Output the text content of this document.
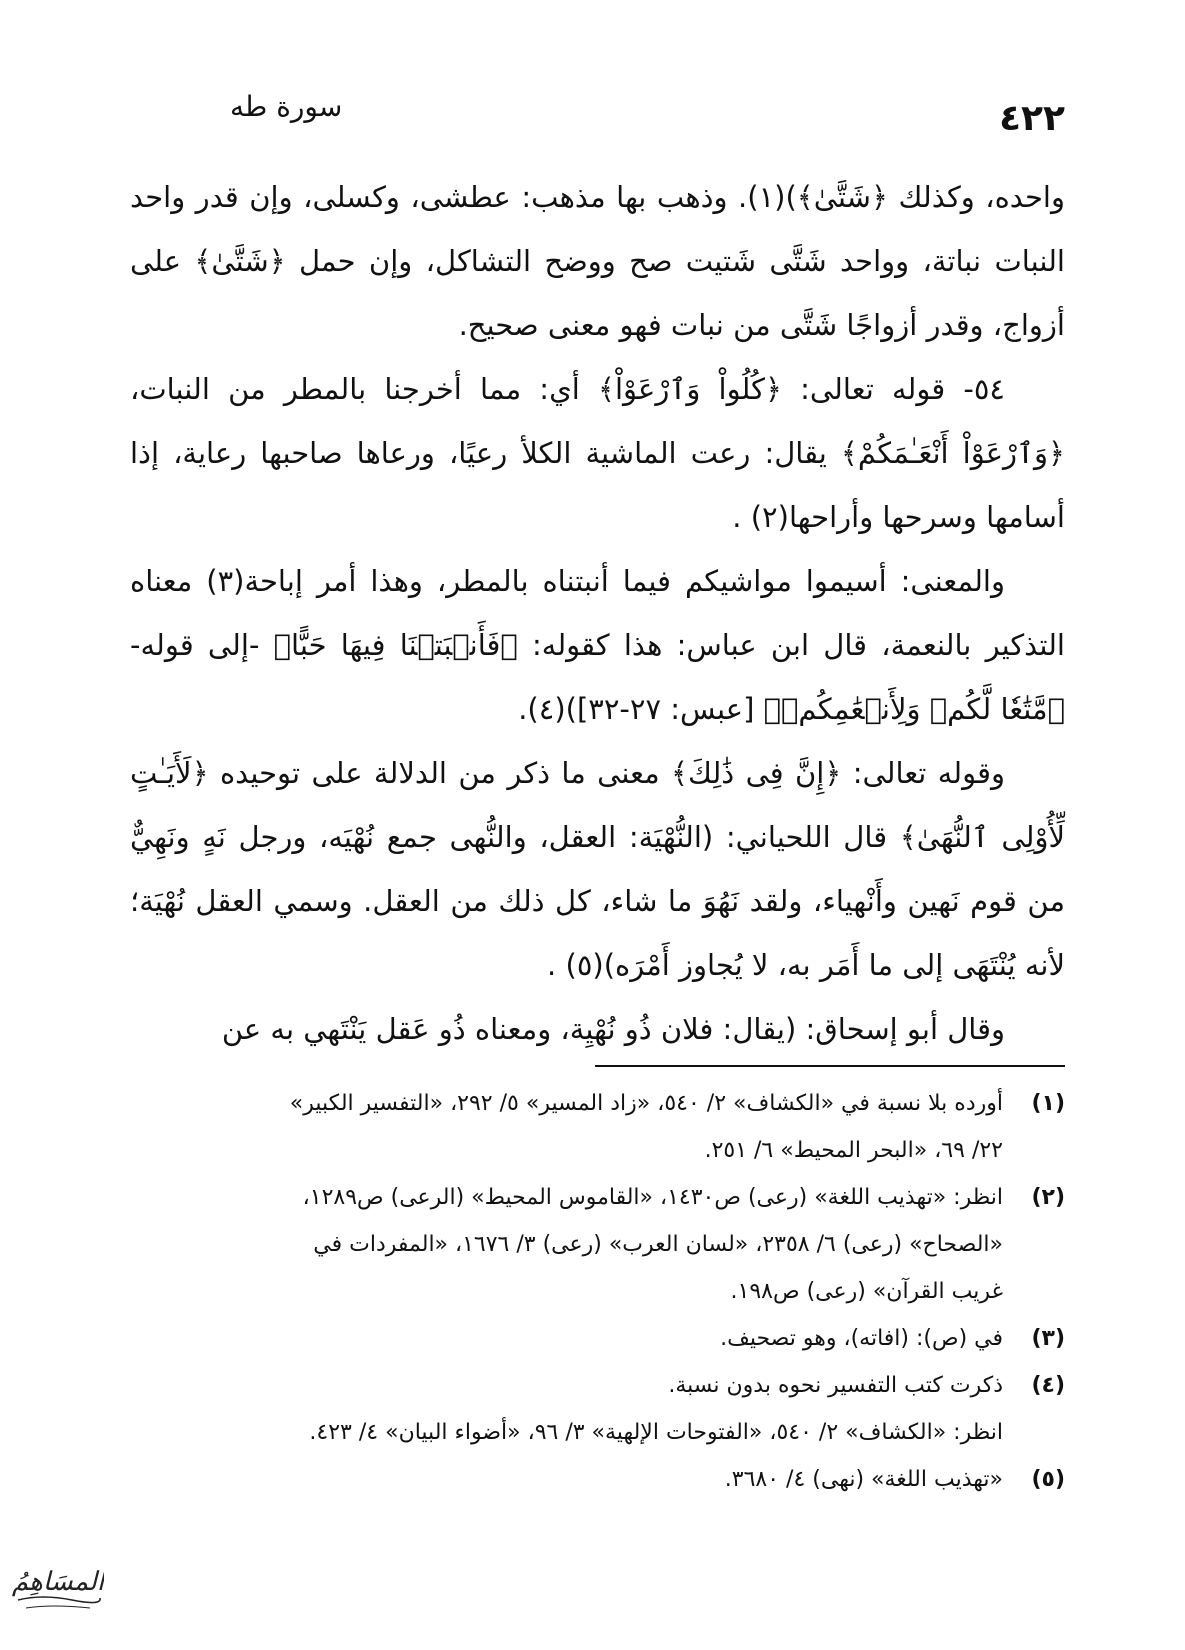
٤٢٢
سورة طه

واحده، وكذلك ﴿شَتَّىٰ﴾)(١). وذهب بها مذهب: عطشى، وكسلى، وإن قدر واحد النبات نباتة، وواحد شَتَّى شَتيت صح ووضح التشاكل، وإن حمل ﴿شَتَّىٰ﴾ على أزواج، وقدر أزواجًا شَتَّى من نبات فهو معنى صحيح.

٥٤- قوله تعالى: ﴿كُلُواْ وَٱرْعَوْاْ﴾ أي: مما أخرجنا بالمطر من النبات، ﴿وَٱرْعَوْاْ أَنْعَـٰمَكُمْ﴾ يقال: رعت الماشية الكلأ رعيًا، ورعاها صاحبها رعاية، إذا أسامها وسرحها وأراحها(٢) .

والمعنى: أسيموا مواشيكم فيما أنبتناه بالمطر، وهذا أمر إباحة(٣) معناه التذكير بالنعمة، قال ابن عباس: هذا كقوله: ﴿فَأَنۢبَتۡنَا فِيهَا حَبًّا﴾ -إلى قوله- ﴿مَّتَٰعٗا لَّكُمۡ وَلِأَنۡعَٰمِكُمۡ﴾ [عبس: ٢٧-٣٢])(٤).

وقوله تعالى: ﴿إِنَّ فِى ذَٰلِكَ﴾ معنى ما ذكر من الدلالة على توحيده ﴿لَأَيَـٰتٍ لِّأُوْلِى ٱلنُّهَىٰ﴾ قال اللحياني: (النُّهْيَة: العقل، والنُّهى جمع نُهْيَه، ورجل نَهٍ ونَهِيٌّ من قوم نَهين وأَنْهياء، ولقد نَهُوَ ما شاء، كل ذلك من العقل. وسمي العقل نُهْيَة؛ لأنه يُنْتَهَى إلى ما أَمَر به، لا يُجاوز أَمْرَه)(٥) .

وقال أبو إسحاق: (يقال: فلان ذُو نُهْيِة، ومعناه ذُو عَقل يَنْتَهي به عن

(١)
أورده بلا نسبة في «الكشاف» ٢/ ٥٤٠، «زاد المسير» ٥/ ٢٩٢، «التفسير الكبير»
٢٢/ ٦٩، «البحر المحيط» ٦/ ٢٥١.
(٢)
انظر: «تهذيب اللغة» (رعى) ص١٤٣٠، «القاموس المحيط» (الرعى) ص١٢٨٩،
«الصحاح» (رعى) ٦/ ٢٣٥٨، «لسان العرب» (رعى) ٣/ ١٦٧٦، «المفردات في
غريب القرآن» (رعى) ص١٩٨.
(٣)
في (ص): (افاته)، وهو تصحيف.
(٤)
ذكرت كتب التفسير نحوه بدون نسبة.
انظر: «الكشاف» ٢/ ٥٤٠، «الفتوحات الإلهية» ٣/ ٩٦، «أضواء البيان» ٤/ ٤٢٣.
(٥)
«تهذيب اللغة» (نهى) ٤/ ٣٦٨٠.
المسَاهِمُ
